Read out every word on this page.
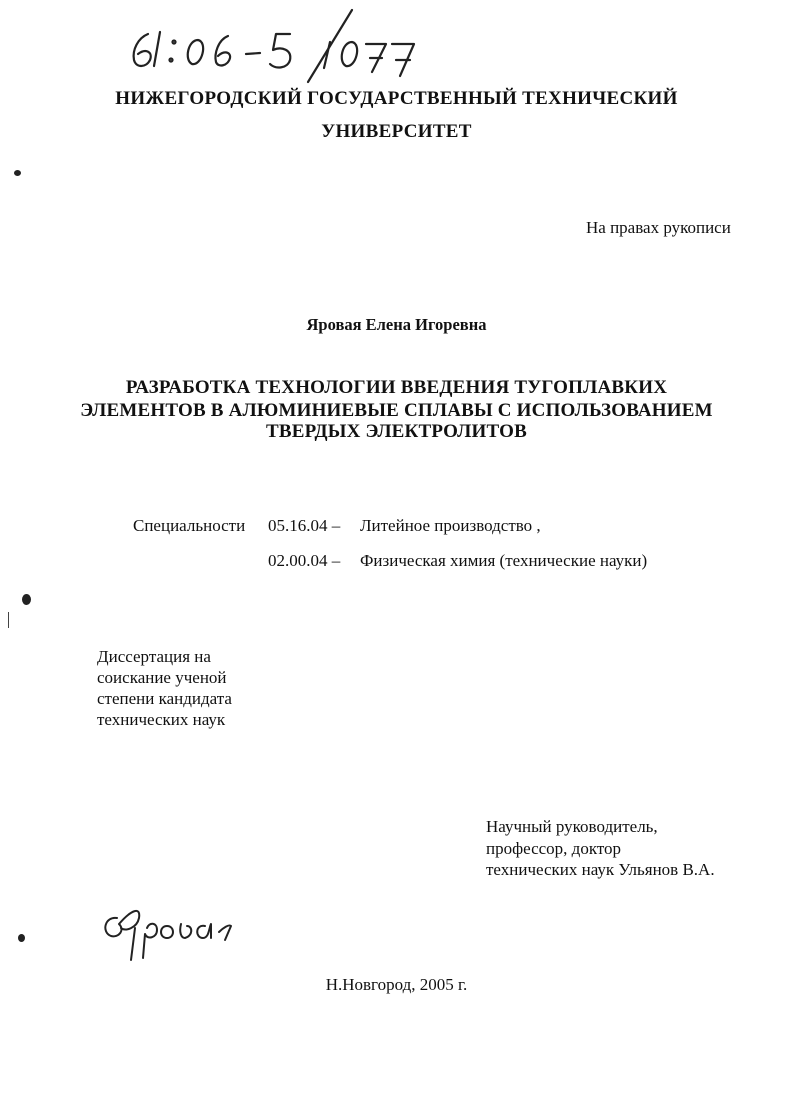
НИЖЕГОРОДСКИЙ ГОСУДАРСТВЕННЫЙ ТЕХНИЧЕСКИЙ
УНИВЕРСИТЕТ
На правах рукописи
Яровая Елена Игоревна
РАЗРАБОТКА ТЕХНОЛОГИИ ВВЕДЕНИЯ ТУГОПЛАВКИХ
ЭЛЕМЕНТОВ В АЛЮМИНИЕВЫЕ СПЛАВЫ С ИСПОЛЬЗОВАНИЕМ
ТВЕРДЫХ ЭЛЕКТРОЛИТОВ
Специальности 05.16.04 – Литейное производство ,
02.00.04 – Физическая химия (технические науки)
Диссертация на
соискание ученой
степени кандидата
технических наук
Научный руководитель,
профессор, доктор
технических наук Ульянов В.А.
Н.Новгород, 2005 г.
